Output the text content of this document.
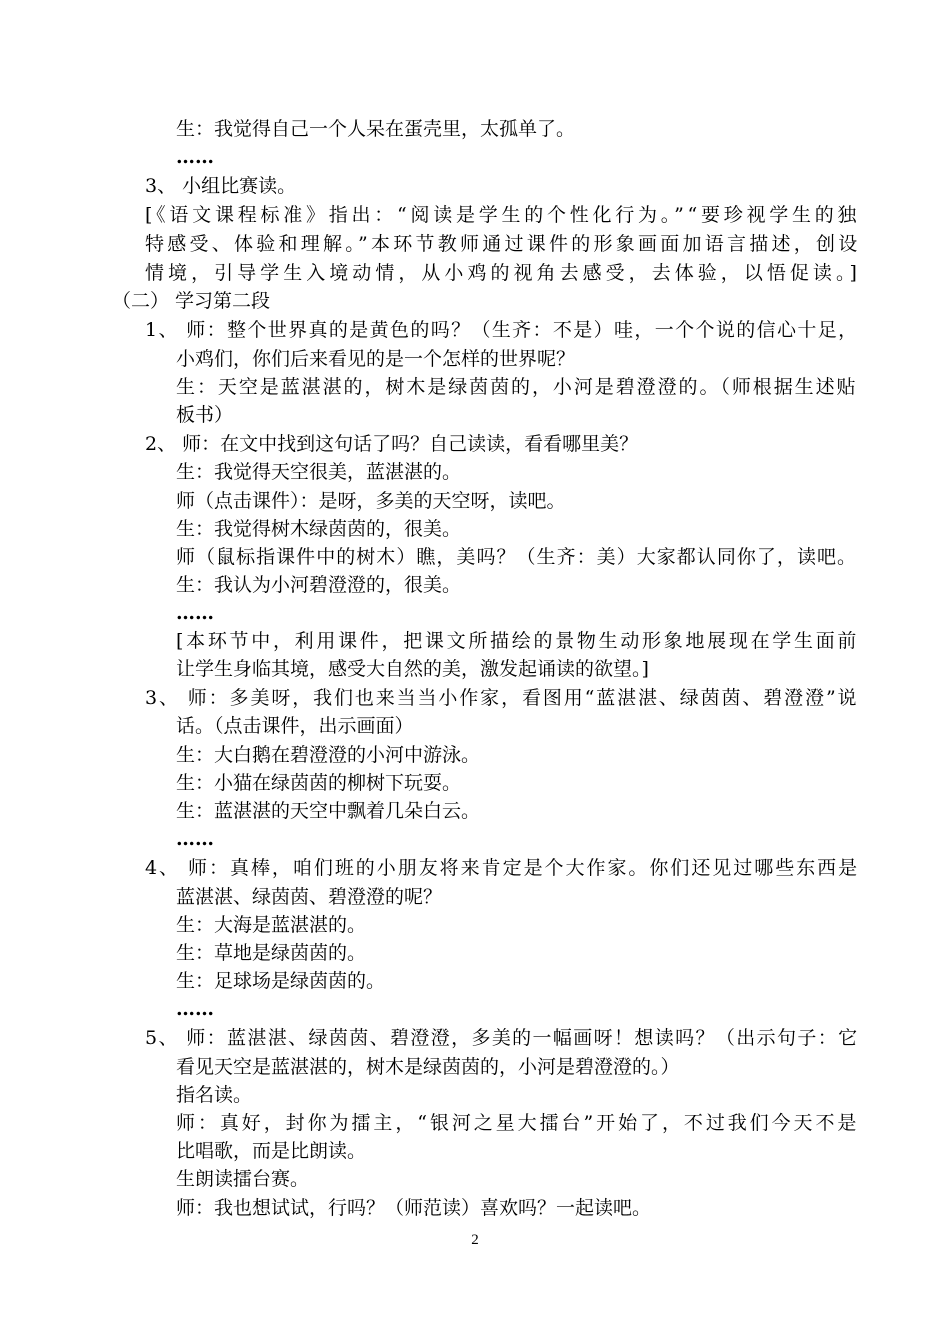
生：我觉得自己一个人呆在蛋壳里，太孤单了。
……
3、 小组比赛读。
[《语文课程标准》指出：“阅读是学生的个性化行为。”“要珍视学生的独
特感受、体验和理解。”本环节教师通过课件的形象画面加语言描述，创设
情境，引导学生入境动情，从小鸡的视角去感受，去体验，以悟促读。]
（二） 学习第二段
1、 师：整个世界真的是黄色的吗？（生齐：不是）哇，一个个说的信心十足，
小鸡们，你们后来看见的是一个怎样的世界呢？
生：天空是蓝湛湛的，树木是绿茵茵的，小河是碧澄澄的。（师根据生述贴
板书）
2、 师：在文中找到这句话了吗？自己读读，看看哪里美？
生：我觉得天空很美，蓝湛湛的。
师（点击课件）：是呀，多美的天空呀，读吧。
生：我觉得树木绿茵茵的，很美。
师（鼠标指课件中的树木）瞧，美吗？（生齐：美）大家都认同你了，读吧。
生：我认为小河碧澄澄的，很美。
……
[本环节中，利用课件，把课文所描绘的景物生动形象地展现在学生面前
让学生身临其境，感受大自然的美，激发起诵读的欲望。]
3、 师：多美呀，我们也来当当小作家，看图用“蓝湛湛、绿茵茵、碧澄澄”说
话。（点击课件，出示画面）
生：大白鹅在碧澄澄的小河中游泳。
生：小猫在绿茵茵的柳树下玩耍。
生：蓝湛湛的天空中飘着几朵白云。
……
4、 师：真棒，咱们班的小朋友将来肯定是个大作家。你们还见过哪些东西是
蓝湛湛、绿茵茵、碧澄澄的呢？
生：大海是蓝湛湛的。
生：草地是绿茵茵的。
生：足球场是绿茵茵的。
……
5、 师：蓝湛湛、绿茵茵、碧澄澄，多美的一幅画呀！想读吗？（出示句子：它
看见天空是蓝湛湛的，树木是绿茵茵的，小河是碧澄澄的。）
指名读。
师：真好，封你为擂主，“银河之星大擂台”开始了，不过我们今天不是
比唱歌，而是比朗读。
生朗读擂台赛。
师：我也想试试，行吗？（师范读）喜欢吗？一起读吧。
2
